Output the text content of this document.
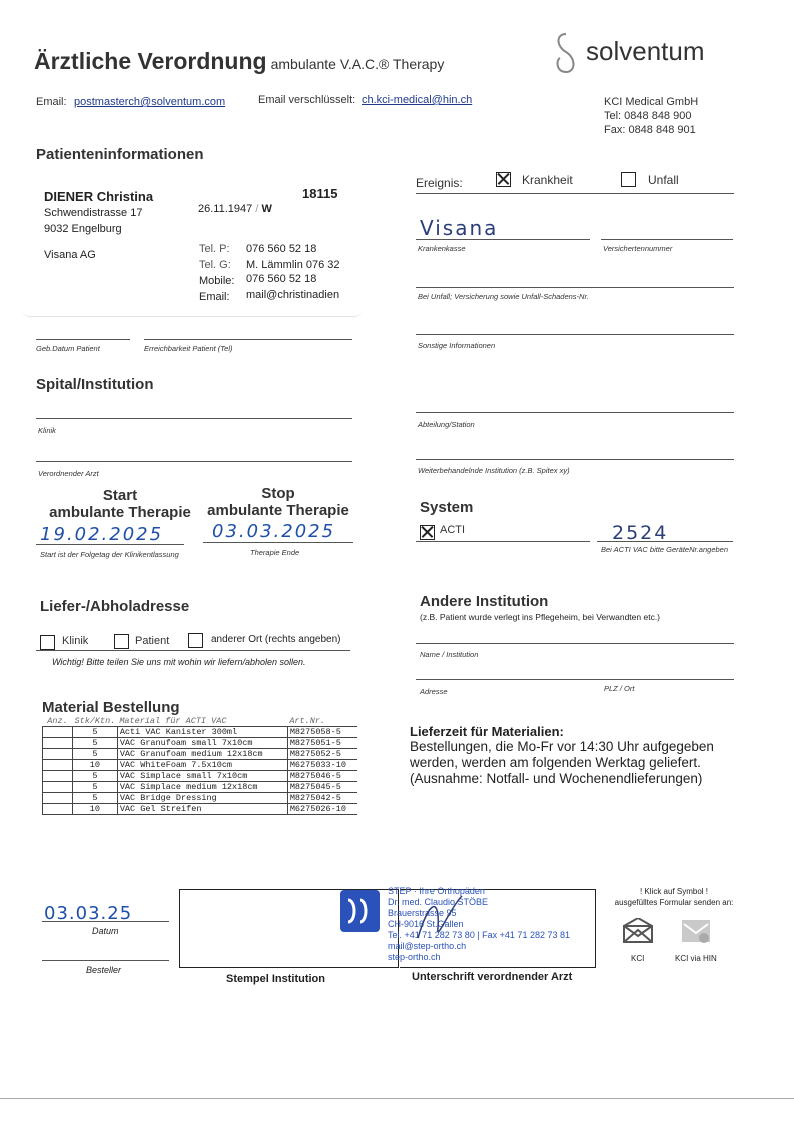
Ärztliche Verordnung ambulante V.A.C.® Therapy	solventum
Email: postmasterch@solventum.com	Email verschlüsselt: ch.kci-medical@hin.ch	KCI Medical GmbH
Tel: 0848 848 900
Fax: 0848 848 901
Patienteninformationen
DIENER Christina	18115
Schwendistrasse 17	26.11.1947 / W
9032 Engelburg
Visana AG	Tel. P: 076 560 52 18
Tel. G: M. Lämmlin 076 32
Mobile: 076 560 52 18
Email: mail@christinadien
Geb.Datum Patient	Erreichbarkeit Patient (Tel)
Ereignis:	Krankheit	Unfall
Visana
Krankenkasse	Versichertennummer
Bei Unfall; Versicherung sowie Unfall-Schadens-Nr.
Sonstige Informationen
Spital/Institution
Klinik
Verordnender Arzt
Abteilung/Station
Weiterbehandelnde Institution (z.B. Spitex xy)
Start
ambulante Therapie
Stop
ambulante Therapie
19.02.2025	03.03.2025
Start ist der Folgetag der Klinikentlassung	Therapie Ende
System
ACTI	2524
Bei ACTI VAC bitte GeräteNr.angeben
Liefer-/Abholadresse
Klinik	Patient	anderer Ort (rechts angeben)
Wichtig! Bitte teilen Sie uns mit wohin wir liefern/abholen sollen.
Andere Institution
(z.B. Patient wurde verlegt ins Pflegeheim, bei Verwandten etc.)
Name / Institution
Adresse	PLZ / Ort
Material Bestellung
Anz.	Stk/Ktn.	Material für ACTI VAC	Art.Nr.
	5	Acti VAC Kanister 300ml	M8275058-5
	5	VAC Granufoam small 7x10cm	M8275051-5
	5	VAC Granufoam medium 12x18cm	M8275052-5
	10	VAC WhiteFoam 7.5x10cm	M6275033-10
	5	VAC Simplace small 7x10cm	M8275046-5
	5	VAC Simplace medium 12x18cm	M8275045-5
	5	VAC Bridge Dressing	M8275042-5
	10	VAC Gel Streifen	M6275026-10
Lieferzeit für Materialien:
Bestellungen, die Mo-Fr vor 14:30 Uhr aufgegeben
werden, werden am folgenden Werktag geliefert.
(Ausnahme: Notfall- und Wochenendlieferungen)
03.03.25
Datum
Besteller
Stempel Institution	Unterschrift verordnender Arzt
STEP · Ihre Orthopäden
Dr. med. Claudio STÖBE
Brauerstrasse 95
CH-9016 St.Gallen
Tel. +41 71 282 73 80 | Fax +41 71 282 73 81
mail@step-ortho.ch
step-ortho.ch
! Klick auf Symbol !
ausgefülltes Formular senden an:
KCI	KCI via HIN
